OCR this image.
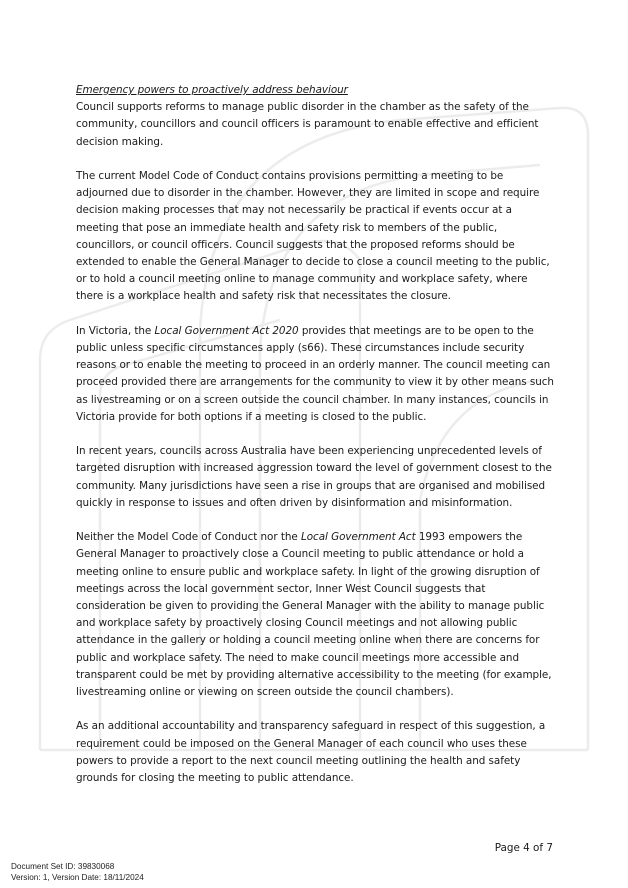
Emergency powers to proactively address behaviour

Council supports reforms to manage public disorder in the chamber as the safety of the community, councillors and council officers is paramount to enable effective and efficient decision making.

The current Model Code of Conduct contains provisions permitting a meeting to be adjourned due to disorder in the chamber. However, they are limited in scope and require decision making processes that may not necessarily be practical if events occur at a meeting that pose an immediate health and safety risk to members of the public, councillors, or council officers. Council suggests that the proposed reforms should be extended to enable the General Manager to decide to close a council meeting to the public, or to hold a council meeting online to manage community and workplace safety, where there is a workplace health and safety risk that necessitates the closure.

In Victoria, the Local Government Act 2020 provides that meetings are to be open to the public unless specific circumstances apply (s66). These circumstances include security reasons or to enable the meeting to proceed in an orderly manner. The council meeting can proceed provided there are arrangements for the community to view it by other means such as livestreaming or on a screen outside the council chamber. In many instances, councils in Victoria provide for both options if a meeting is closed to the public.

In recent years, councils across Australia have been experiencing unprecedented levels of targeted disruption with increased aggression toward the level of government closest to the community. Many jurisdictions have seen a rise in groups that are organised and mobilised quickly in response to issues and often driven by disinformation and misinformation.

Neither the Model Code of Conduct nor the Local Government Act 1993 empowers the General Manager to proactively close a Council meeting to public attendance or hold a meeting online to ensure public and workplace safety. In light of the growing disruption of meetings across the local government sector, Inner West Council suggests that consideration be given to providing the General Manager with the ability to manage public and workplace safety by proactively closing Council meetings and not allowing public attendance in the gallery or holding a council meeting online when there are concerns for public and workplace safety. The need to make council meetings more accessible and transparent could be met by providing alternative accessibility to the meeting (for example, livestreaming online or viewing on screen outside the council chambers).

As an additional accountability and transparency safeguard in respect of this suggestion, a requirement could be imposed on the General Manager of each council who uses these powers to provide a report to the next council meeting outlining the health and safety grounds for closing the meeting to public attendance.

Page 4 of 7
Document Set ID: 39830068
Version: 1, Version Date: 18/11/2024
